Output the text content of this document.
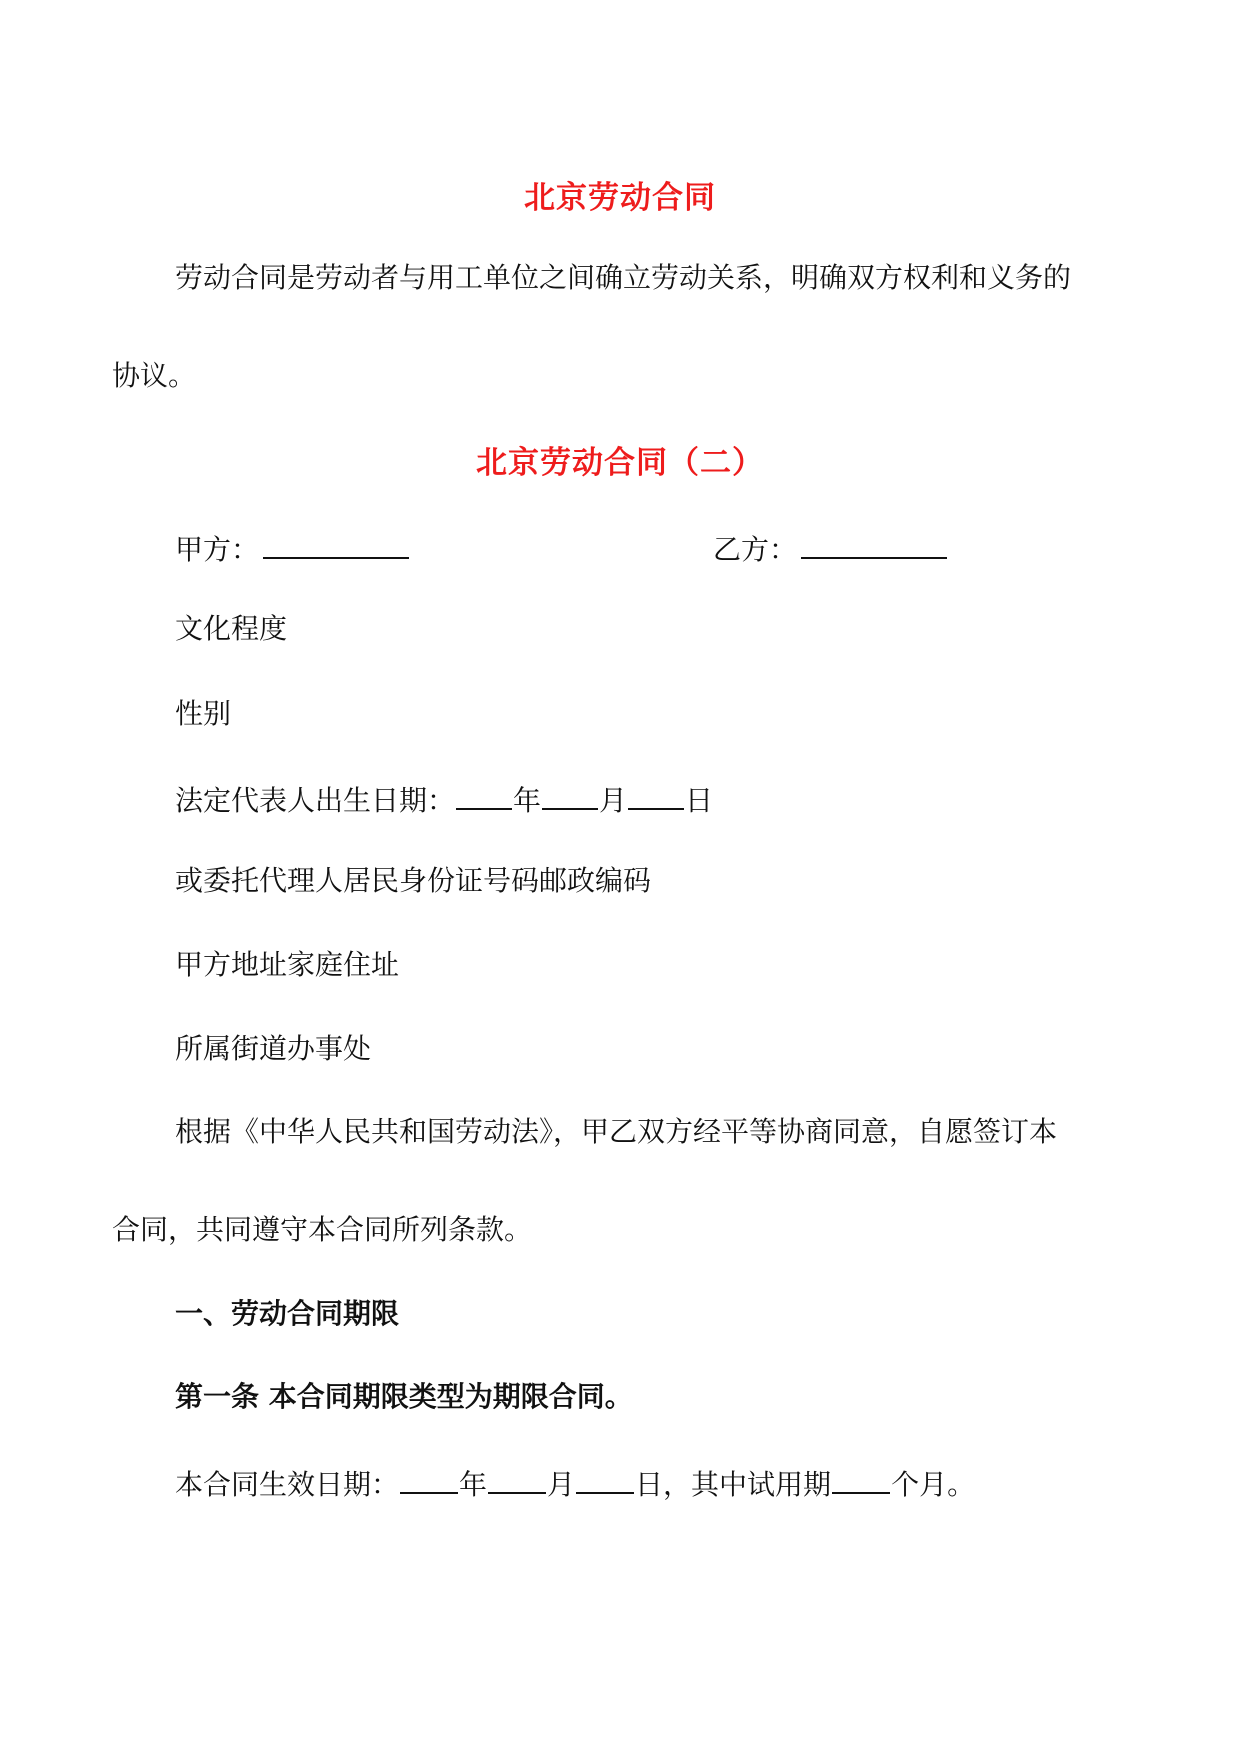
北京劳动合同
劳动合同是劳动者与用工单位之间确立劳动关系，明确双方权利和义务的
协议。
北京劳动合同（二）
甲方：	乙方：
文化程度
性别
法定代表人出生日期： 年 月 日
或委托代理人居民身份证号码邮政编码
甲方地址家庭住址
所属街道办事处
根据《中华人民共和国劳动法》，甲乙双方经平等协商同意，自愿签订本
合同，共同遵守本合同所列条款。
一、劳动合同期限
第一条 本合同期限类型为期限合同。
本合同生效日期： 年 月 日，其中试用期 个月。
